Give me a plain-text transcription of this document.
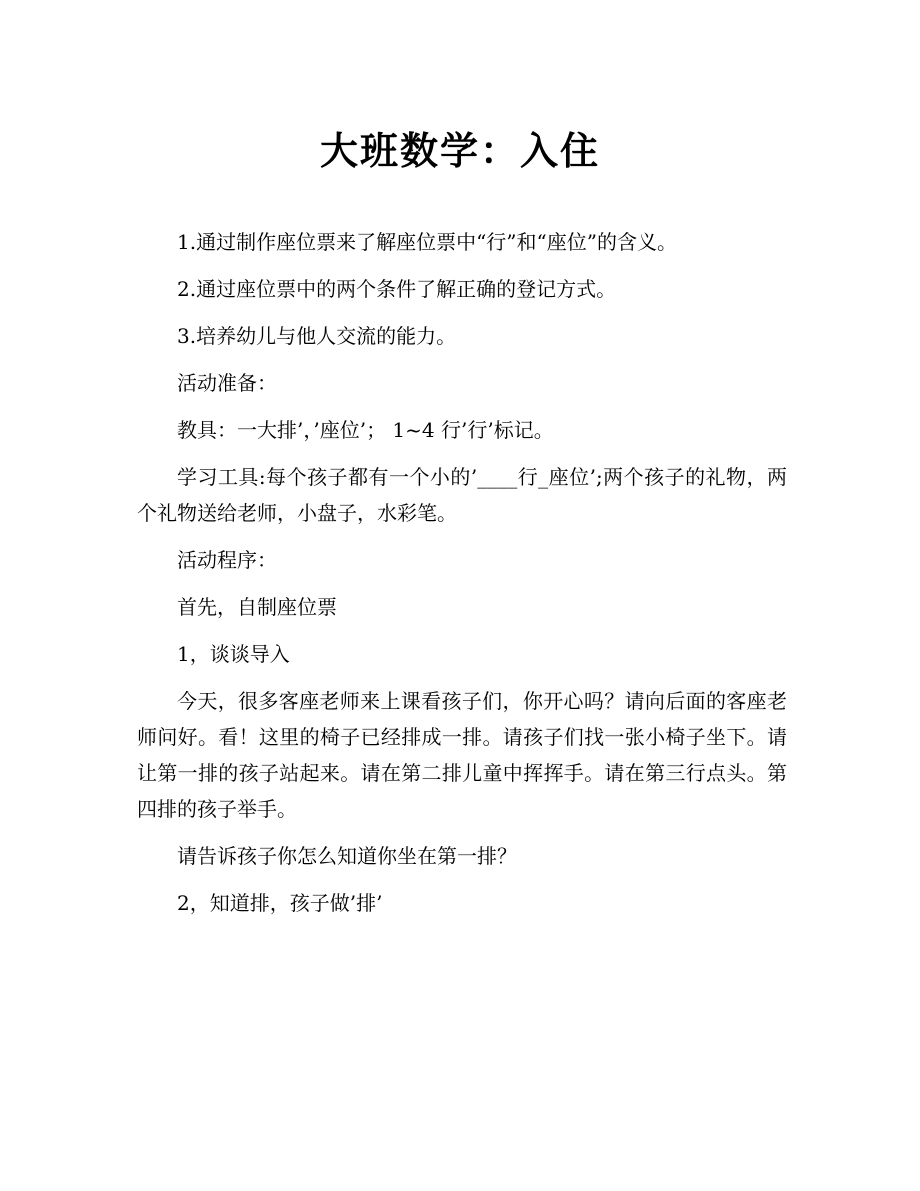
大班数学：入住

1.通过制作座位票来了解座位票中“行”和“座位”的含义。

2.通过座位票中的两个条件了解正确的登记方式。

3.培养幼儿与他人交流的能力。

活动准备：

教具：一大排’，’座位’； 1~4 行’行’标记。

学习工具:每个孩子都有一个小的’____行_座位’;两个孩子的礼物，两个礼物送给老师，小盘子，水彩笔。

活动程序：

首先，自制座位票

1，谈谈导入

今天，很多客座老师来上课看孩子们，你开心吗？请向后面的客座老师问好。看！这里的椅子已经排成一排。请孩子们找一张小椅子坐下。请让第一排的孩子站起来。请在第二排儿童中挥挥手。请在第三行点头。第四排的孩子举手。

请告诉孩子你怎么知道你坐在第一排？

2，知道排，孩子做’排’
